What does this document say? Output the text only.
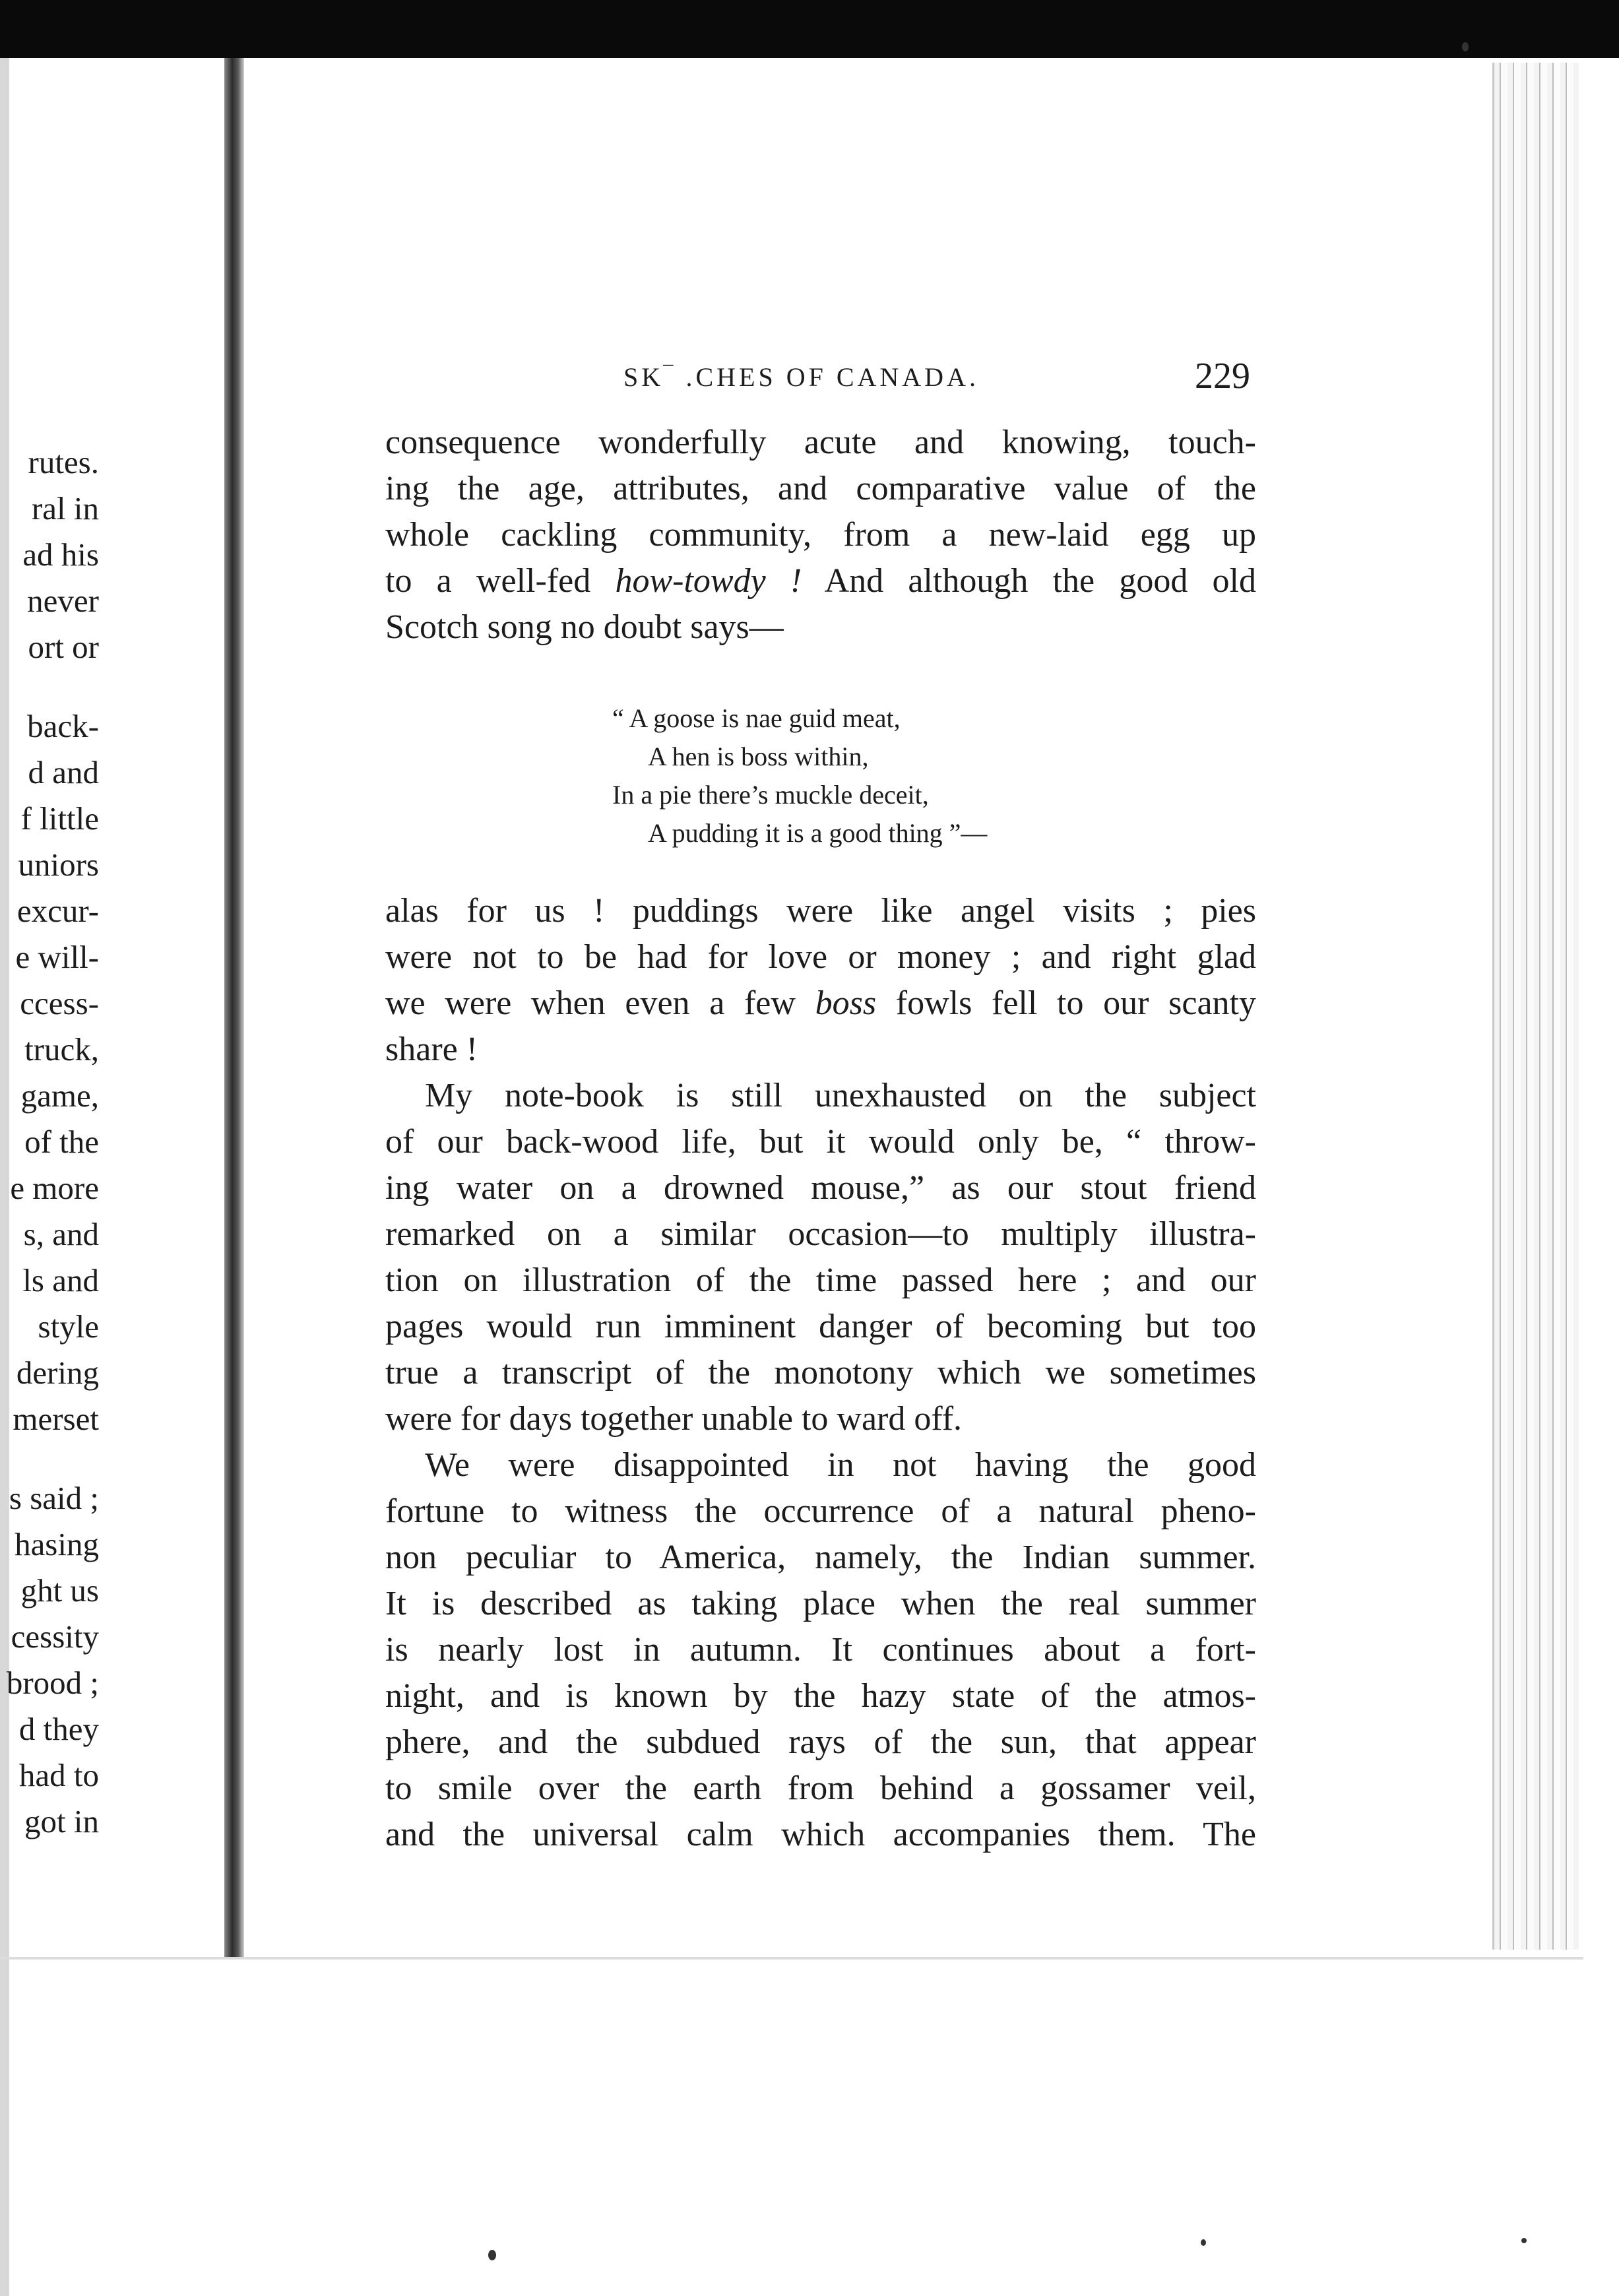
rutes.
ral in
ad his
never
ort or
back-
d and
f little
uniors
excur-
e will-
ccess-
truck,
game,
of the
e more
s, and
ls and
style
dering
merset
s said ;
hasing
ght us
cessity
brood ;
d they
had to
got in
SK‾ .CHES OF CANADA.	229
consequence wonderfully acute and knowing, touch-
ing the age, attributes, and comparative value of the
whole cackling community, from a new-laid egg up
to a well-fed how-towdy ! And although the good old
Scotch song no doubt says—
“ A goose is nae guid meat,
A hen is boss within,
In a pie there’s muckle deceit,
A pudding it is a good thing ”—
alas for us ! puddings were like angel visits ; pies
were not to be had for love or money ; and right glad
we were when even a few boss fowls fell to our scanty
share !
My note-book is still unexhausted on the subject
of our back-wood life, but it would only be, “ throw-
ing water on a drowned mouse,” as our stout friend
remarked on a similar occasion—to multiply illustra-
tion on illustration of the time passed here ; and our
pages would run imminent danger of becoming but too
true a transcript of the monotony which we sometimes
were for days together unable to ward off.
We were disappointed in not having the good
fortune to witness the occurrence of a natural pheno-
non peculiar to America, namely, the Indian summer.
It is described as taking place when the real summer
is nearly lost in autumn. It continues about a fort-
night, and is known by the hazy state of the atmos-
phere, and the subdued rays of the sun, that appear
to smile over the earth from behind a gossamer veil,
and the universal calm which accompanies them. The
